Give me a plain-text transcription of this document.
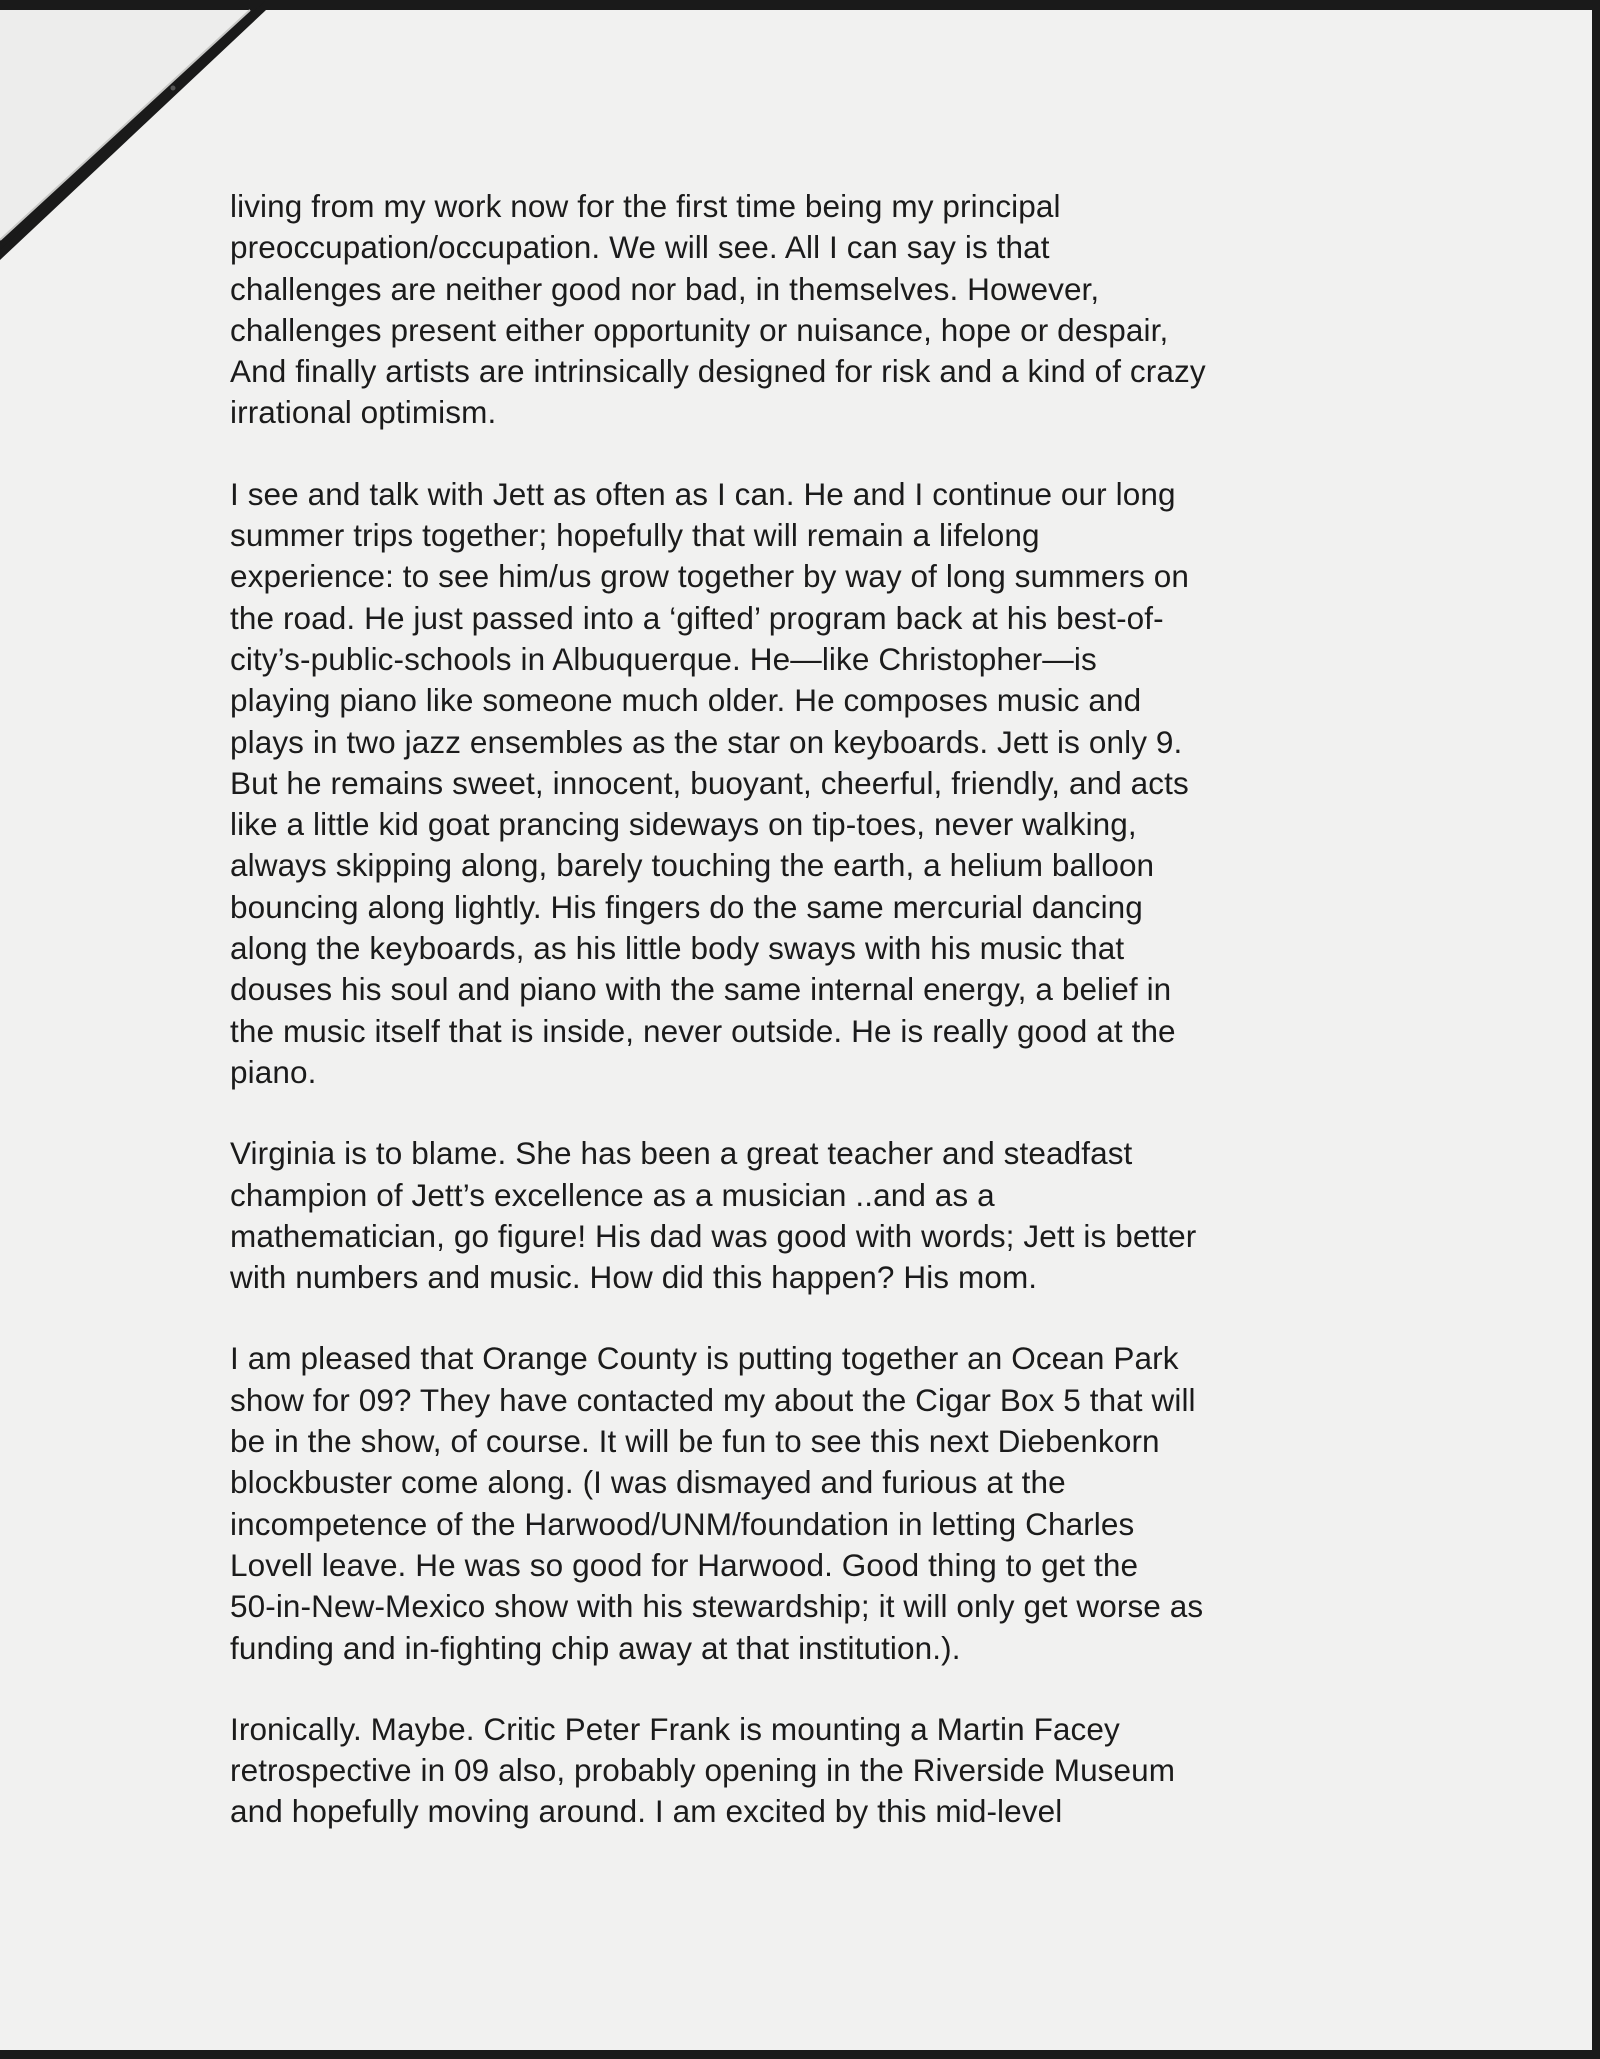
living from my work now for the first time being my principal
preoccupation/occupation. We will see. All I can say is that
challenges are neither good nor bad, in themselves. However,
challenges present either opportunity or nuisance, hope or despair,
And finally artists are intrinsically designed for risk and a kind of crazy
irrational optimism.
I see and talk with Jett as often as I can. He and I continue our long
summer trips together; hopefully that will remain a lifelong
experience: to see him/us grow together by way of long summers on
the road. He just passed into a ‘gifted’ program back at his best-of-
city’s-public-schools in Albuquerque. He—like Christopher—is
playing piano like someone much older. He composes music and
plays in two jazz ensembles as the star on keyboards. Jett is only 9.
But he remains sweet, innocent, buoyant, cheerful, friendly, and acts
like a little kid goat prancing sideways on tip-toes, never walking,
always skipping along, barely touching the earth, a helium balloon
bouncing along lightly. His fingers do the same mercurial dancing
along the keyboards, as his little body sways with his music that
douses his soul and piano with the same internal energy, a belief in
the music itself that is inside, never outside. He is really good at the
piano.
Virginia is to blame. She has been a great teacher and steadfast
champion of Jett’s excellence as a musician ..and as a
mathematician, go figure! His dad was good with words; Jett is better
with numbers and music. How did this happen? His mom.
I am pleased that Orange County is putting together an Ocean Park
show for 09? They have contacted my about the Cigar Box 5 that will
be in the show, of course. It will be fun to see this next Diebenkorn
blockbuster come along. (I was dismayed and furious at the
incompetence of the Harwood/UNM/foundation in letting Charles
Lovell leave. He was so good for Harwood. Good thing to get the
50-in-New-Mexico show with his stewardship; it will only get worse as
funding and in-fighting chip away at that institution.).
Ironically. Maybe. Critic Peter Frank is mounting a Martin Facey
retrospective in 09 also, probably opening in the Riverside Museum
and hopefully moving around. I am excited by this mid-level
